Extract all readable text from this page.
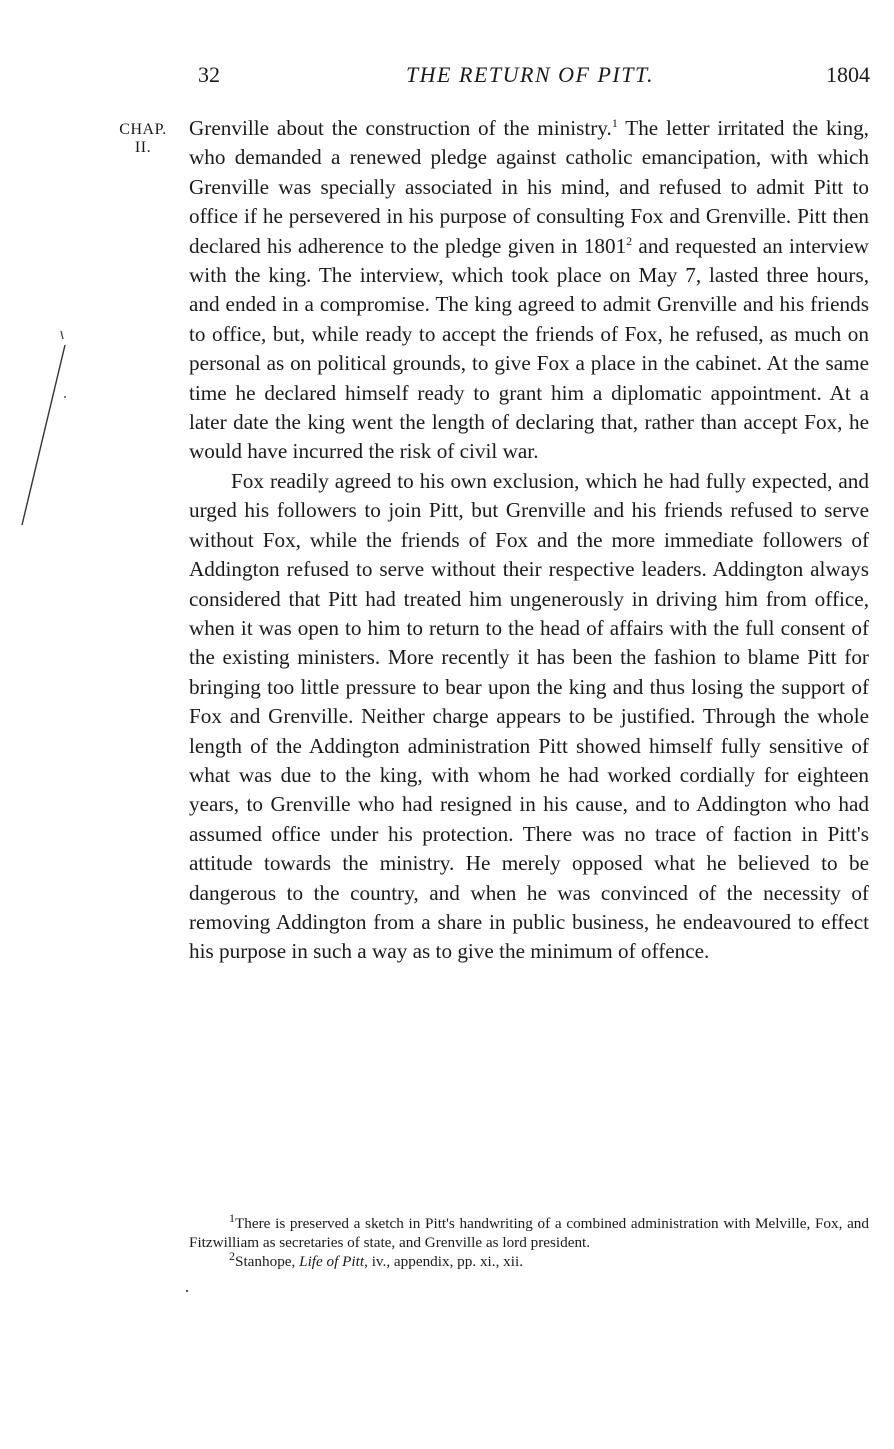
32	THE RETURN OF PITT.	1804
CHAP.
II.

Grenville about the construction of the ministry.$^1$ The letter irritated the king, who demanded a renewed pledge against catholic emancipation, with which Grenville was specially associated in his mind, and refused to admit Pitt to office if he persevered in his purpose of consulting Fox and Grenville. Pitt then declared his adherence to the pledge given in 1801$^2$ and requested an interview with the king. The interview, which took place on May 7, lasted three hours, and ended in a compromise. The king agreed to admit Grenville and his friends to office, but, while ready to accept the friends of Fox, he refused, as much on personal as on political grounds, to give Fox a place in the cabinet. At the same time he declared himself ready to grant him a diplomatic appointment. At a later date the king went the length of declaring that, rather than accept Fox, he would have incurred the risk of civil war.

Fox readily agreed to his own exclusion, which he had fully expected, and urged his followers to join Pitt, but Grenville and his friends refused to serve without Fox, while the friends of Fox and the more immediate followers of Addington refused to serve without their respective leaders. Addington always considered that Pitt had treated him ungenerously in driving him from office, when it was open to him to return to the head of affairs with the full consent of the existing ministers. More recently it has been the fashion to blame Pitt for bringing too little pressure to bear upon the king and thus losing the support of Fox and Grenville. Neither charge appears to be justified. Through the whole length of the Addington administration Pitt showed himself fully sensitive of what was due to the king, with whom he had worked cordially for eighteen years, to Grenville who had resigned in his cause, and to Addington who had assumed office under his protection. There was no trace of faction in Pitt's attitude towards the ministry. He merely opposed what he believed to be dangerous to the country, and when he was convinced of the necessity of removing Addington from a share in public business, he endeavoured to effect his purpose in such a way as to give the minimum of offence.

$^1$There is preserved a sketch in Pitt's handwriting of a combined administration with Melville, Fox, and Fitzwilliam as secretaries of state, and Grenville as lord president.

$^2$Stanhope, Life of Pitt, iv., appendix, pp. xi., xii.
